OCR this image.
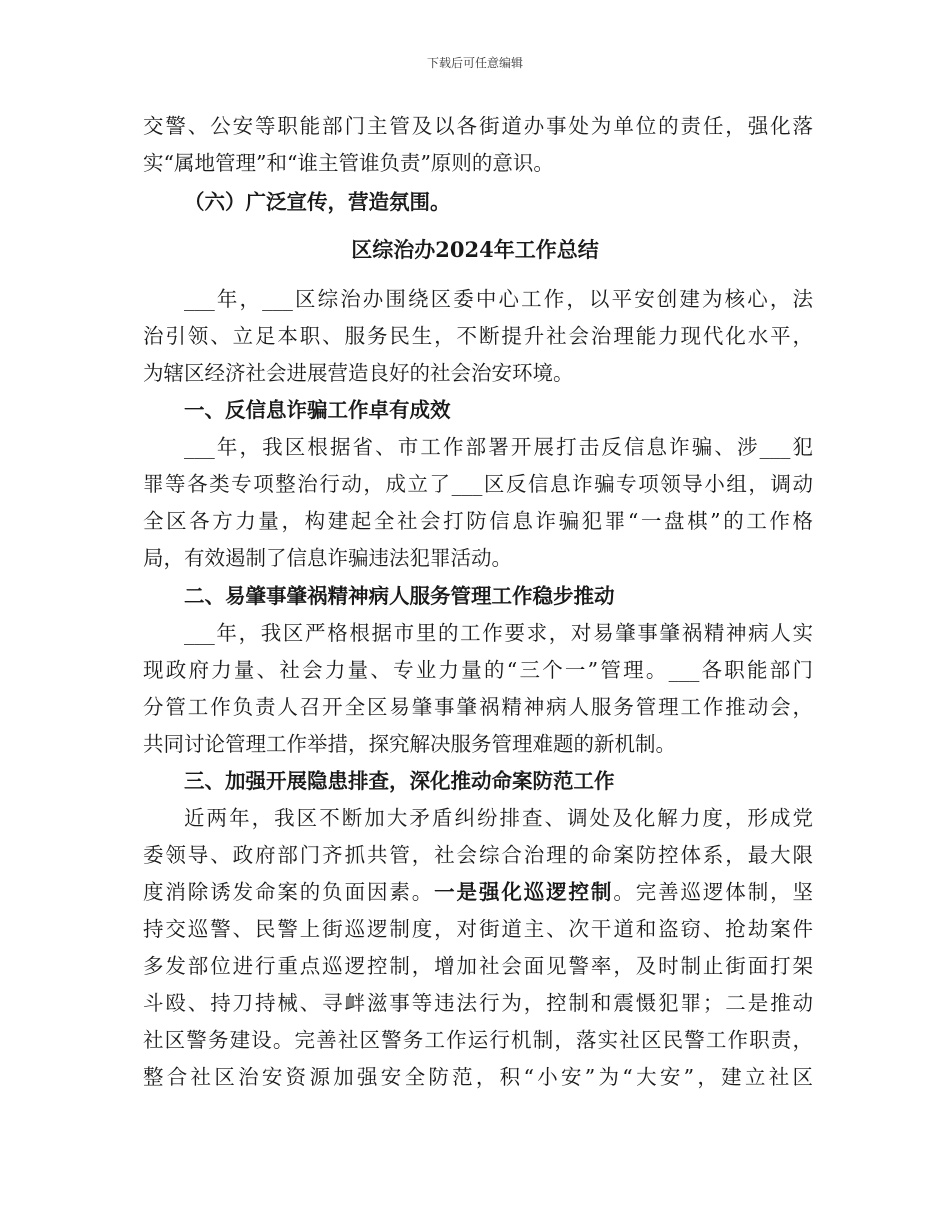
下载后可任意编辑
交警、公安等职能部门主管及以各街道办事处为单位的责任，强化落
实“属地管理”和“谁主管谁负责”原则的意识。
（六）广泛宣传，营造氛围。
区综治办2024年工作总结
___年，___区综治办围绕区委中心工作，以平安创建为核心，法
治引领、立足本职、服务民生，不断提升社会治理能力现代化水平，
为辖区经济社会进展营造良好的社会治安环境。
一、反信息诈骗工作卓有成效
___年，我区根据省、市工作部署开展打击反信息诈骗、涉___犯
罪等各类专项整治行动，成立了___区反信息诈骗专项领导小组，调动
全区各方力量，构建起全社会打防信息诈骗犯罪“一盘棋”的工作格
局，有效遏制了信息诈骗违法犯罪活动。
二、易肇事肇祸精神病人服务管理工作稳步推动
___年，我区严格根据市里的工作要求，对易肇事肇祸精神病人实
现政府力量、社会力量、专业力量的“三个一”管理。___各职能部门
分管工作负责人召开全区易肇事肇祸精神病人服务管理工作推动会，
共同讨论管理工作举措，探究解决服务管理难题的新机制。
三、加强开展隐患排查，深化推动命案防范工作
近两年，我区不断加大矛盾纠纷排查、调处及化解力度，形成党
委领导、政府部门齐抓共管，社会综合治理的命案防控体系，最大限
度消除诱发命案的负面因素。一是强化巡逻控制。完善巡逻体制，坚
持交巡警、民警上街巡逻制度，对街道主、次干道和盗窃、抢劫案件
多发部位进行重点巡逻控制，增加社会面见警率，及时制止街面打架
斗殴、持刀持械、寻衅滋事等违法行为，控制和震慑犯罪；二是推动
社区警务建设。完善社区警务工作运行机制，落实社区民警工作职责，
整合社区治安资源加强安全防范，积“小安”为“大安”，建立社区
